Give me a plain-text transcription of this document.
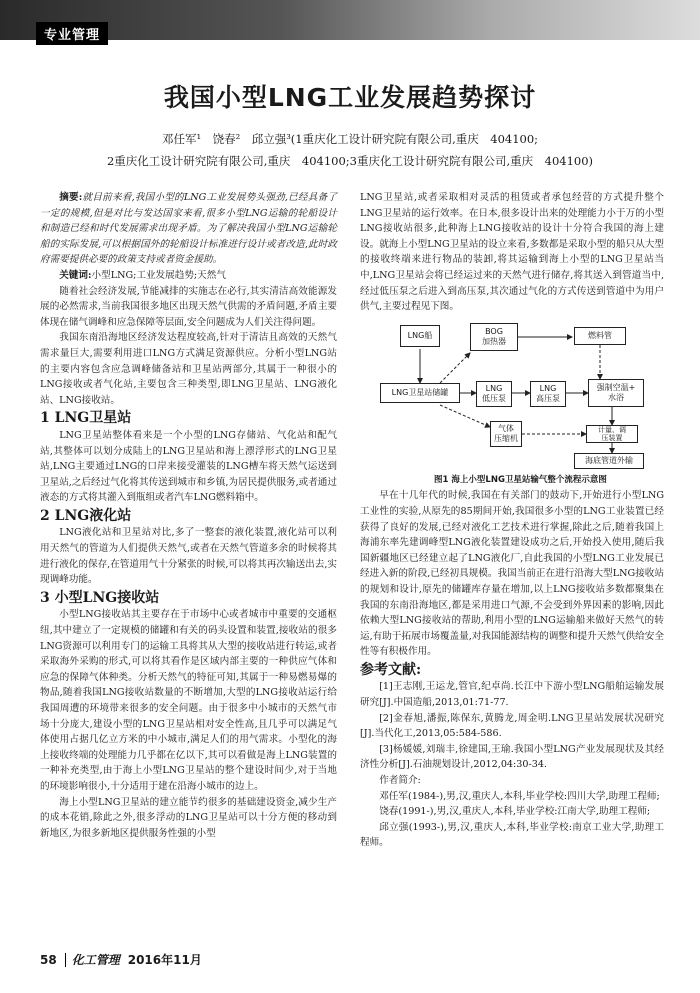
专业管理
我国小型LNG工业发展趋势探讨
邓任军¹　饶春²　邱立强³(1重庆化工设计研究院有限公司,重庆　404100;
2重庆化工设计研究院有限公司,重庆　404100;3重庆化工设计研究院有限公司,重庆　404100)

摘要:就目前来看,我国小型的LNG工业发展势头强劲,已经具备了一定的规模,但是对比与发达国家来看,很多小型LNG运输的轮船设计和制造已经和时代发展需求出现矛盾。为了解决我国小型LNG运输轮船的实际发展,可以根据国外的轮船设计标准进行设计或者改造,此时政府需要提供必要的政策支持或者资金援助。

关键词:小型LNG;工业发展趋势;天然气

随着社会经济发展,节能减排的实施志在必行,其实清洁高效能源发展的必然需求,当前我国很多地区出现天然气供需的矛盾问题,矛盾主要体现在储气调峰和应急保障等层面,安全问题成为人们关注得问题。

我国东南沿海地区经济发达程度较高,针对于清洁且高效的天然气需求量巨大,需要利用进口LNG方式满足资源供应。分析小型LNG站的主要内容包含应急调峰储备站和卫星站两部分,其属于一种很小的LNG接收或者气化站,主要包含三种类型,即LNG卫星站、LNG液化站、LNG接收站。

1 LNG卫星站

LNG卫星站整体看来是一个小型的LNG存储站、气化站和配气站,其整体可以划分成陆上的LNG卫星站和海上漂浮形式的LNG卫星站,LNG主要通过LNG的口岸来接受灌装的LNG槽车将天然气运送到卫星站,之后经过气化将其传送到城市和乡镇,为居民提供服务,或者通过液态的方式将其灌入到瓶组或者汽车LNG燃料箱中。

2 LNG液化站

LNG液化站和卫星站对比,多了一整套的液化装置,液化站可以利用天然气的管道为人们提供天然气,或者在天然气管道多余的时候将其进行液化的保存,在管道用气十分紧张的时候,可以将其再次输送出去,实现调峰功能。

3 小型LNG接收站

小型LNG接收站其主要存在于市场中心或者城市中重要的交通枢纽,其中建立了一定规模的储罐和有关的码头设置和装置,接收站的很多LNG资源可以利用专门的运输工具将其从大型的接收站进行转运,或者采取海外采购的形式,可以将其看作是区域内部主要的一种供应气体和应急的保障气体种类。分析天然气的特征可知,其属于一种易燃易爆的物品,随着我国LNG接收站数量的不断增加,大型的LNG接收站运行给我国周遭的环境带来很多的安全问题。由于很多中小城市的天然气市场十分庞大,建设小型的LNG卫星站相对安全性高,且几乎可以满足气体使用占据几亿立方米的中小城市,满足人们的用气需求。小型化的海上接收终端的处理能力几乎都在亿以下,其可以看做是海上LNG装置的一种补充类型,由于海上小型LNG卫星站的整个建设时间少,对于当地的环境影响很小,十分适用于建在沿海小城市的边上。

海上小型LNG卫星站的建立能节约很多的基础建设资金,减少生产的成本花销,除此之外,很多浮动的LNG卫星站可以十分方便的移动到新地区,为很多新地区提供服务性强的小型

LNG卫星站,或者采取相对灵活的租赁或者承包经营的方式提升整个LNG卫星站的运行效率。在日本,很多设计出来的处理能力小于万的小型LNG接收站很多,此种海上LNG接收站的设计十分符合我国的海上建设。就海上小型LNG卫星站的设立来看,多数都是采取小型的船只从大型的接收终端来进行物品的装卸,将其运输到海上小型的LNG卫星站当中,LNG卫星站会将已经运过来的天然气进行储存,将其送入到管道当中,经过低压泵之后进入到高压泵,其次通过气化的方式传送到管道中为用户供气,主要过程见下图。

LNG船	BOG
加热器
燃料管
LNG卫星站储罐	LNG
低压泵
LNG
高压泵
强制空温+
水浴
气体
压缩机
计量、调
压装置
海底管道外输

图1 海上小型LNG卫星站输气整个流程示意图

早在十几年代的时候,我国在有关部门的鼓动下,开始进行小型LNG工业性的实验,从原先的85期间开始,我国很多小型的LNG工业装置已经获得了良好的发展,已经对液化工艺技术进行掌握,除此之后,随着我国上海浦东率先建调峰型LNG液化装置建设成功之后,开始投入使用,随后我国新疆地区已经建立起了LNG液化厂,自此我国的小型LNG工业发展已经进入新的阶段,已经初具规模。我国当前正在进行沿海大型LNG接收站的规划和设计,原先的储罐库存量在增加,以上LNG接收站多数都聚集在我国的东南沿海地区,都是采用进口气源,不会受到外界因素的影响,因此依赖大型LNG接收站的帮助,利用小型的LNG运输船来做好天然气的转运,有助于拓展市场覆盖量,对我国能源结构的调整和提升天然气供给安全性等有积极作用。

参考文献:

[1]王志刚,王运龙,管官,纪卓尚.长江中下游小型LNG船舶运输发展研究[J].中国造船,2013,01:71-77.

[2]金春旭,潘振,陈保东,黄腾龙,周金明.LNG卫星站发展状况研究[J].当代化工,2013,05:584-586.

[3]杨媛媛,刘瑞丰,徐建国,王瑜.我国小型LNG产业发展现状及其经济性分析[J].石油规划设计,2012,04:30-34.

作者简介:

邓任军(1984-),男,汉,重庆人,本科,毕业学校:四川大学,助理工程师;

饶春(1991-),男,汉,重庆人,本科,毕业学校:江南大学,助理工程师;

邱立强(1993-),男,汉,重庆人,本科,毕业学校:南京工业大学,助理工程师。

58 化工管理 2016年11月
